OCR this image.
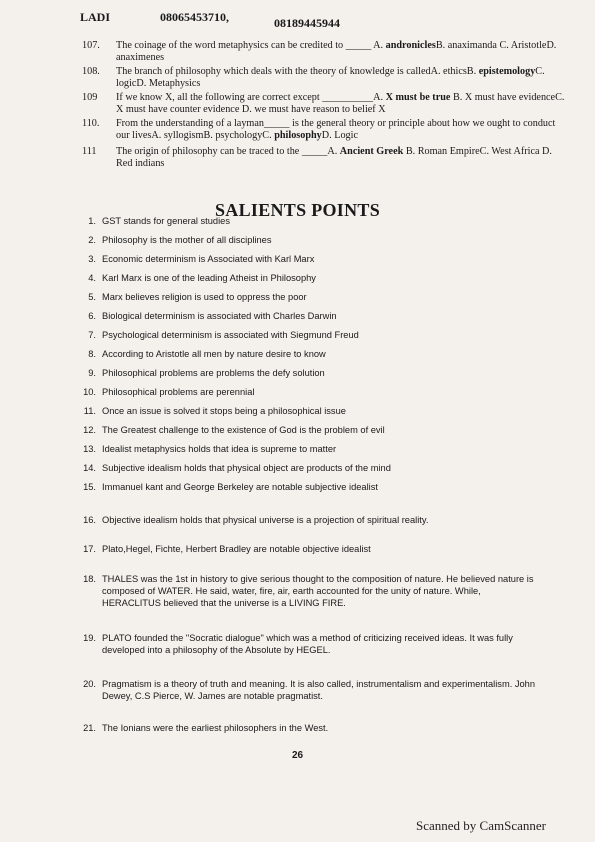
LADI	08065453710,	08189445944
107. The coinage of the word metaphysics can be credited to _____ A. androniclesB. anaximanda C. AristotleD. anaximenes
108. The branch of philosophy which deals with the theory of knowledge is calledA. ethicsB. epistemologyC. logicD. Metaphysics
109 If we know X, all the following are correct except __________A. X must be true B. X must have evidenceC. X must have counter evidence D. we must have reason to belief X
110. From the understanding of a layman_____ is the general theory or principle about how we ought to conduct our livesA. syllogismB. psychologyC. philosophyD. Logic
111 The origin of philosophy can be traced to the _____A. Ancient Greek B. Roman EmpireC. West Africa D. Red indians
SALIENTS POINTS
1. GST stands for general studies
2. Philosophy is the mother of all disciplines
3. Economic determinism is Associated with Karl Marx
4. Karl Marx is one of the leading Atheist in Philosophy
5. Marx believes religion is used to oppress the poor
6. Biological determinism is associated with Charles Darwin
7. Psychological determinism is associated with Siegmund Freud
8. According to Aristotle all men by nature desire to know
9. Philosophical problems are problems the defy solution
10. Philosophical problems are perennial
11. Once an issue is solved it stops being a philosophical issue
12. The Greatest challenge to the existence of God is the problem of evil
13. Idealist metaphysics holds that idea is supreme to matter
14. Subjective idealism holds that physical object are products of the mind
15. Immanuel kant and George Berkeley are notable subjective idealist
16. Objective idealism holds that physical universe is a projection of spiritual reality.
17. Plato,Hegel, Fichte, Herbert Bradley are notable objective idealist
18. THALES was the 1st in history to give serious thought to the composition of nature. He believed nature is composed of WATER. He said, water, fire, air, earth accounted for the unity of nature. While, HERACLITUS believed that the universe is a LIVING FIRE.
19. PLATO founded the "Socratic dialogue" which was a method of criticizing received ideas. It was fully developed into a philosophy of the Absolute by HEGEL.
20. Pragmatism is a theory of truth and meaning. It is also called, instrumentalism and experimentalism. John Dewey, C.S Pierce, W. James are notable pragmatist.
21. The Ionians were the earliest philosophers in the West.
26
Scanned by CamScanner
